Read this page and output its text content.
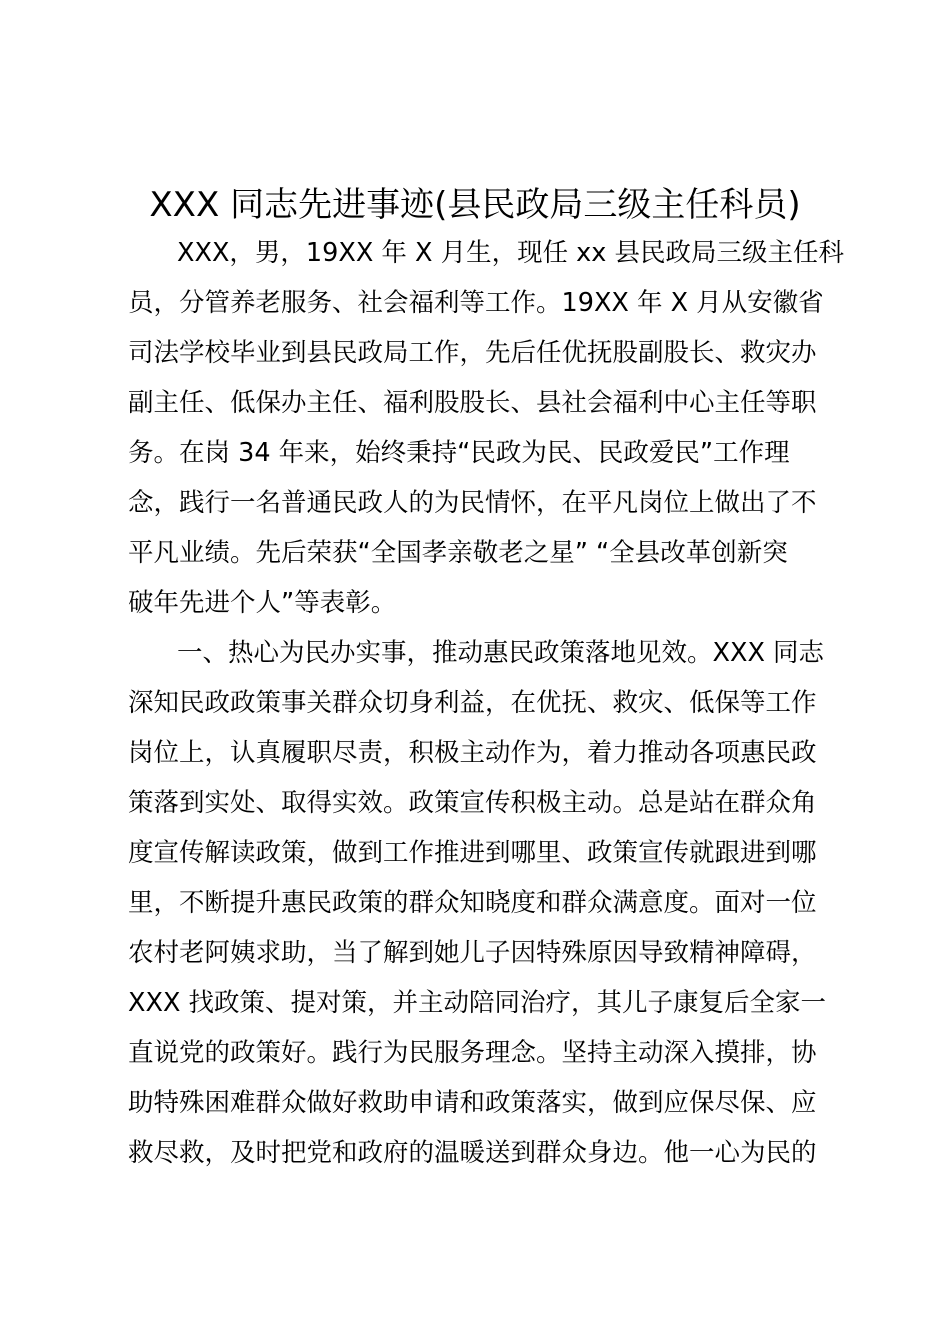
XXX 同志先进事迹(县民政局三级主任科员)
XXX，男，19XX 年 X 月生，现任 xx 县民政局三级主任科
员，分管养老服务、社会福利等工作。19XX 年 X 月从安徽省
司法学校毕业到县民政局工作，先后任优抚股副股长、救灾办
副主任、低保办主任、福利股股长、县社会福利中心主任等职
务。在岗 34 年来，始终秉持“民政为民、民政爱民”工作理
念，践行一名普通民政人的为民情怀，在平凡岗位上做出了不
平凡业绩。先后荣获“全国孝亲敬老之星” “全县改革创新突
破年先进个人”等表彰。
一、热心为民办实事，推动惠民政策落地见效。XXX 同志
深知民政政策事关群众切身利益，在优抚、救灾、低保等工作
岗位上，认真履职尽责，积极主动作为，着力推动各项惠民政
策落到实处、取得实效。政策宣传积极主动。总是站在群众角
度宣传解读政策，做到工作推进到哪里、政策宣传就跟进到哪
里，不断提升惠民政策的群众知晓度和群众满意度。面对一位
农村老阿姨求助，当了解到她儿子因特殊原因导致精神障碍，
XXX 找政策、提对策，并主动陪同治疗，其儿子康复后全家一
直说党的政策好。践行为民服务理念。坚持主动深入摸排，协
助特殊困难群众做好救助申请和政策落实，做到应保尽保、应
救尽救，及时把党和政府的温暖送到群众身边。他一心为民的
